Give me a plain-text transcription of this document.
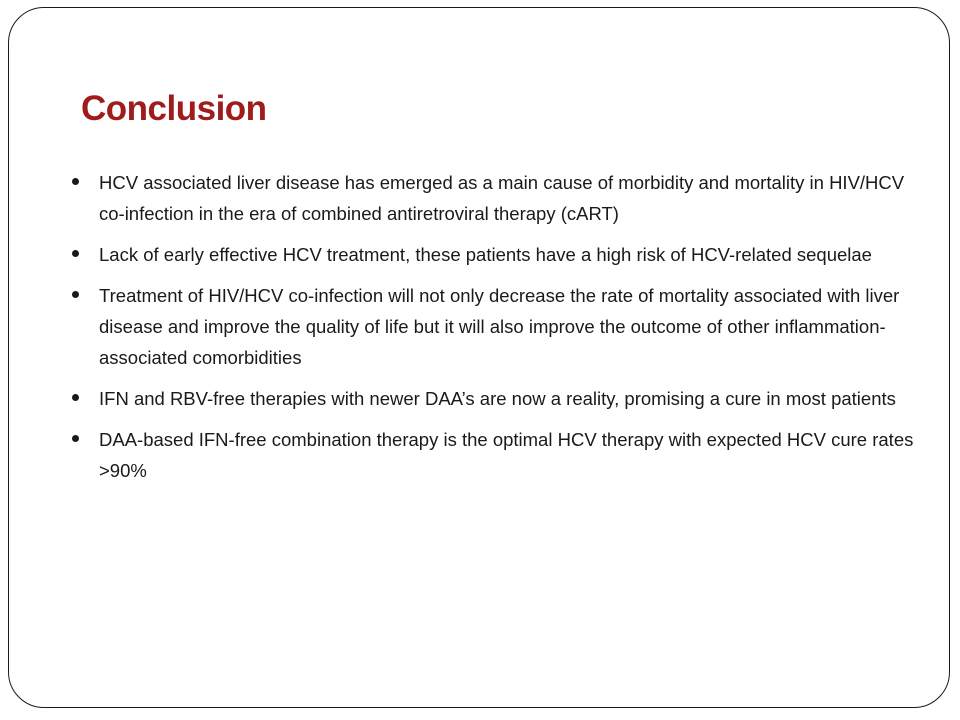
Conclusion
HCV associated liver disease has emerged as a main cause of morbidity and mortality in HIV/HCV co-infection in the era of combined antiretroviral therapy (cART)
Lack of early effective HCV treatment, these patients have a high risk of HCV-related sequelae
Treatment of HIV/HCV co-infection will not only decrease the rate of mortality associated with liver disease and improve the quality of life but it will also improve the outcome of other inflammation-associated comorbidities
IFN and RBV-free therapies with newer DAA’s are now a reality, promising a cure in most patients
DAA-based IFN-free combination therapy is the optimal HCV therapy with expected HCV cure rates >90%
